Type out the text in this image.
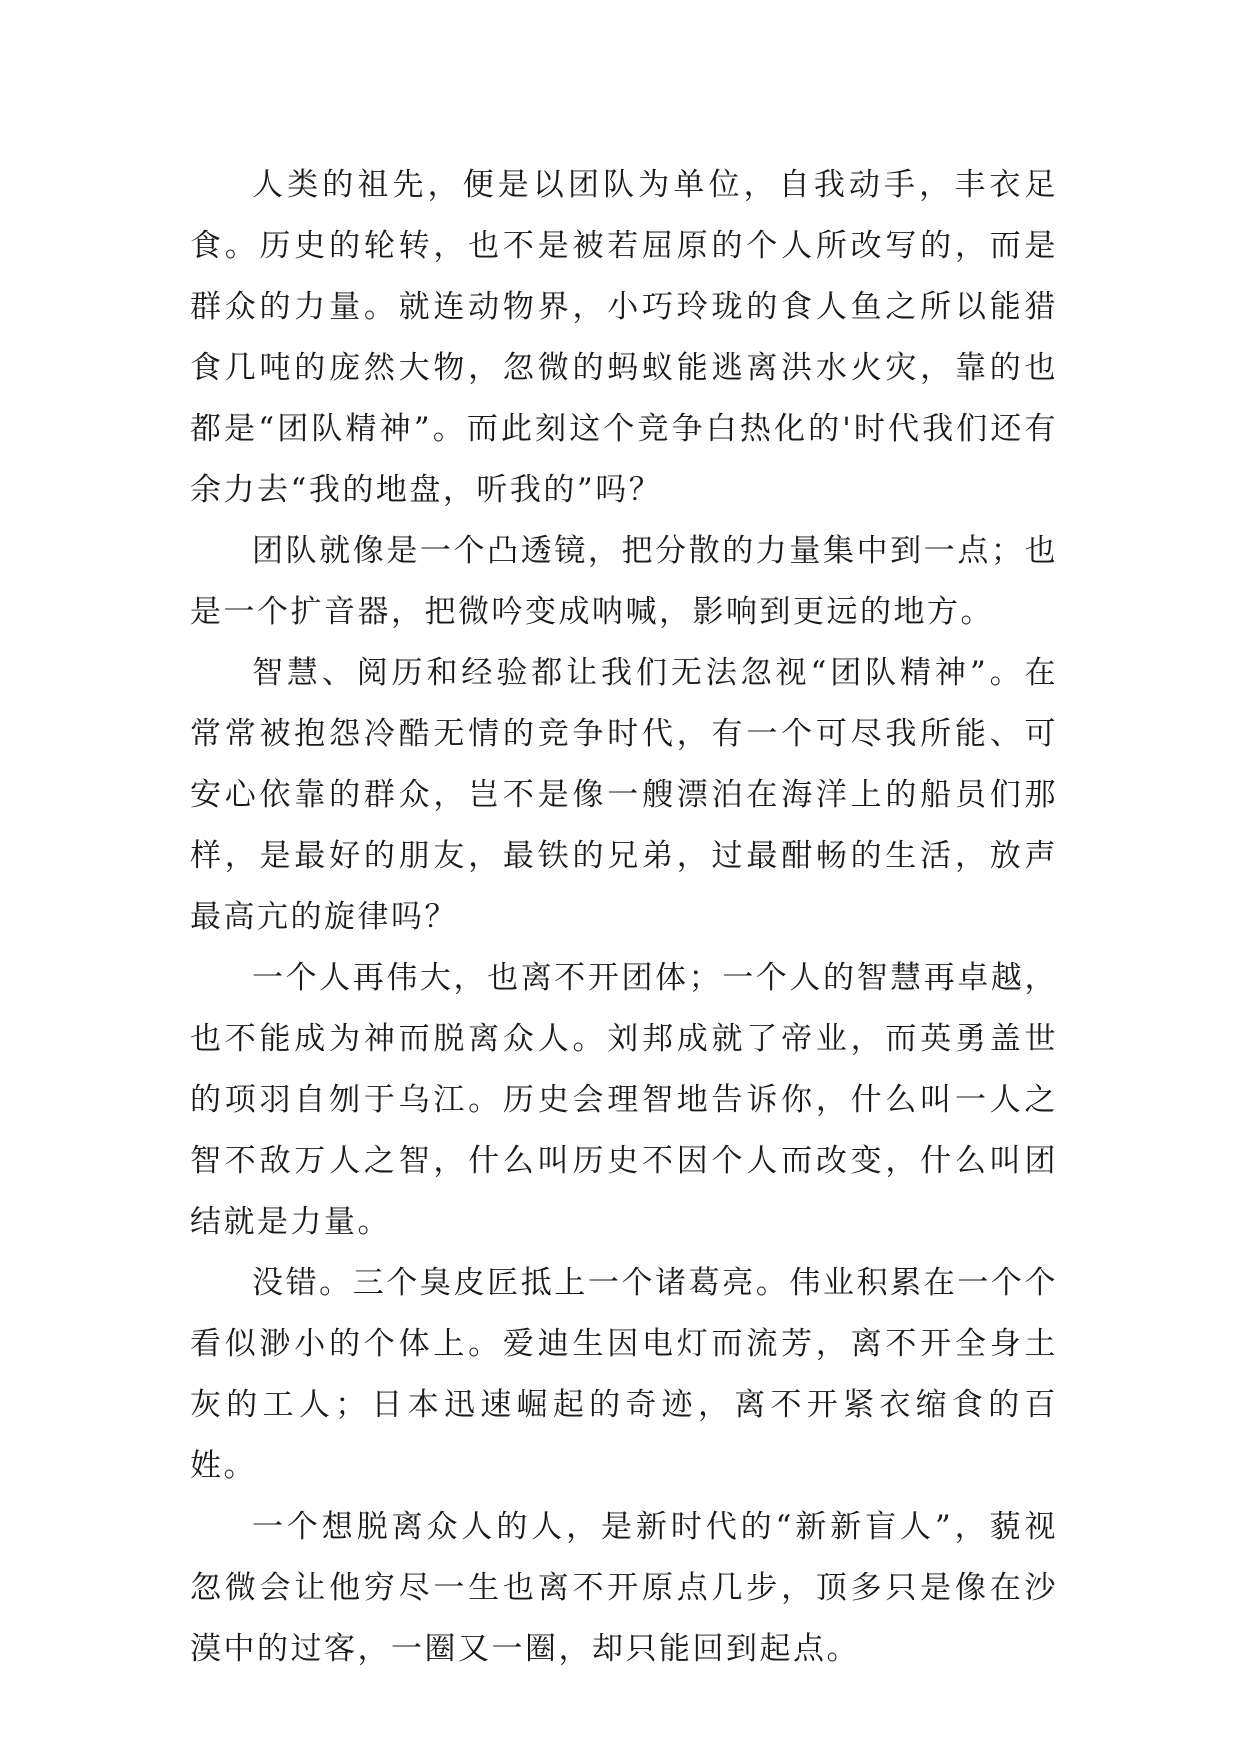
人类的祖先，便是以团队为单位，自我动手，丰衣足食。历史的轮转，也不是被若屈原的个人所改写的，而是群众的力量。就连动物界，小巧玲珑的食人鱼之所以能猎食几吨的庞然大物，忽微的蚂蚁能逃离洪水火灾，靠的也都是“团队精神”。而此刻这个竞争白热化的'时代我们还有余力去“我的地盘，听我的”吗？

团队就像是一个凸透镜，把分散的力量集中到一点；也是一个扩音器，把微吟变成呐喊，影响到更远的地方。

智慧、阅历和经验都让我们无法忽视“团队精神”。在常常被抱怨冷酷无情的竞争时代，有一个可尽我所能、可安心依靠的群众，岂不是像一艘漂泊在海洋上的船员们那样，是最好的朋友，最铁的兄弟，过最酣畅的生活，放声最高亢的旋律吗？

一个人再伟大，也离不开团体；一个人的智慧再卓越，也不能成为神而脱离众人。刘邦成就了帝业，而英勇盖世的项羽自刎于乌江。历史会理智地告诉你，什么叫一人之智不敌万人之智，什么叫历史不因个人而改变，什么叫团结就是力量。

没错。三个臭皮匠抵上一个诸葛亮。伟业积累在一个个看似渺小的个体上。爱迪生因电灯而流芳，离不开全身土灰的工人；日本迅速崛起的奇迹，离不开紧衣缩食的百姓。

一个想脱离众人的人，是新时代的“新新盲人”，藐视忽微会让他穷尽一生也离不开原点几步，顶多只是像在沙漠中的过客，一圈又一圈，却只能回到起点。
